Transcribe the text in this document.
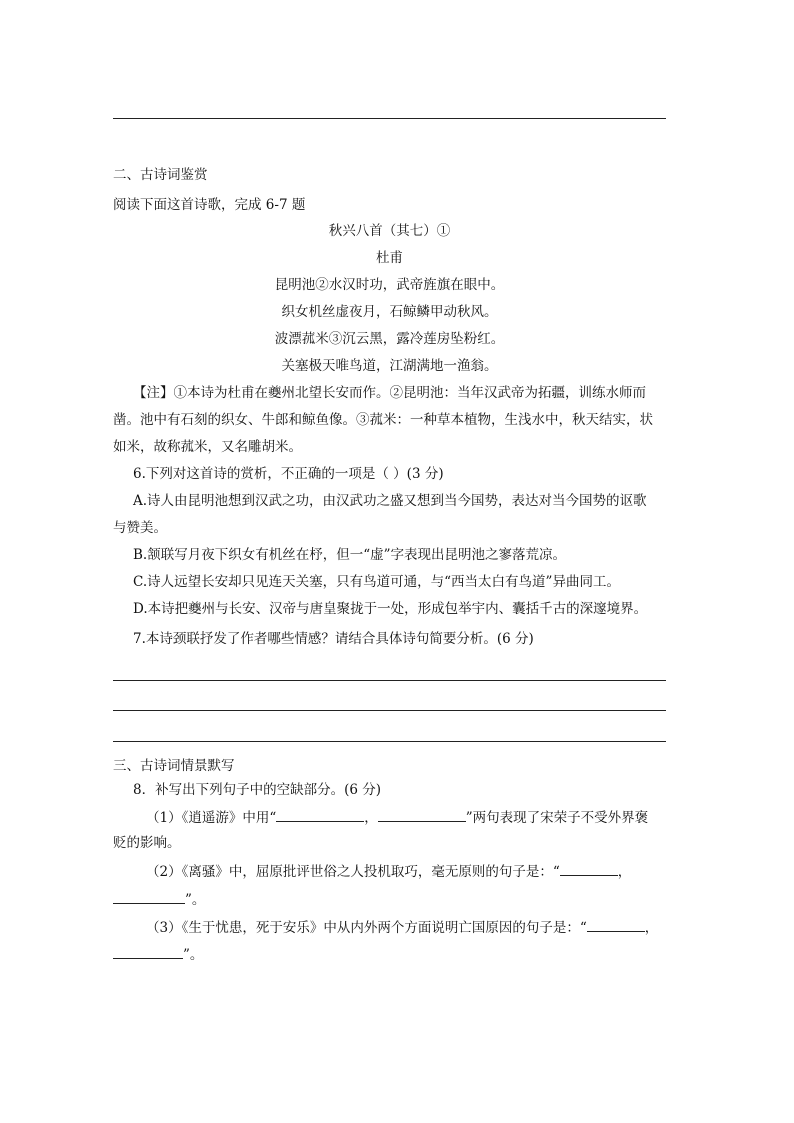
二、古诗词鉴赏
阅读下面这首诗歌，完成 6-7 题
秋兴八首（其七）①
杜甫
昆明池②水汉时功，武帝旌旗在眼中。
织女机丝虚夜月，石鲸鳞甲动秋风。
波漂菰米③沉云黑，露冷莲房坠粉红。
关塞极天唯鸟道，江湖满地一渔翁。
【注】①本诗为杜甫在夔州北望长安而作。②昆明池：当年汉武帝为拓疆，训练水师而
凿。池中有石刻的织女、牛郎和鲸鱼像。③菰米：一种草本植物，生浅水中，秋天结实，状
如米，故称菰米，又名雕胡米。
6.下列对这首诗的赏析，不正确的一项是（ ）(3 分)
A.诗人由昆明池想到汉武之功，由汉武功之盛又想到当今国势，表达对当今国势的讴歌
与赞美。
B.颔联写月夜下织女有机丝在杼，但一“虚”字表现出昆明池之寥落荒凉。
C.诗人远望长安却只见连天关塞，只有鸟道可通，与“西当太白有鸟道”异曲同工。
D.本诗把夔州与长安、汉帝与唐皇聚拢于一处，形成包举宇内、囊括千古的深邃境界。
7.本诗颈联抒发了作者哪些情感？请结合具体诗句简要分析。(6 分)
三、古诗词情景默写
8．补写出下列句子中的空缺部分。(6 分)
（1）《逍遥游》中用“	，	”两句表现了宋荣子不受外界褒
贬的影响。
（2）《离骚》中，屈原批评世俗之人投机取巧，毫无原则的句子是：“	，
”。
（3）《生于忧患，死于安乐》中从内外两个方面说明亡国原因的句子是：“	，
”。
